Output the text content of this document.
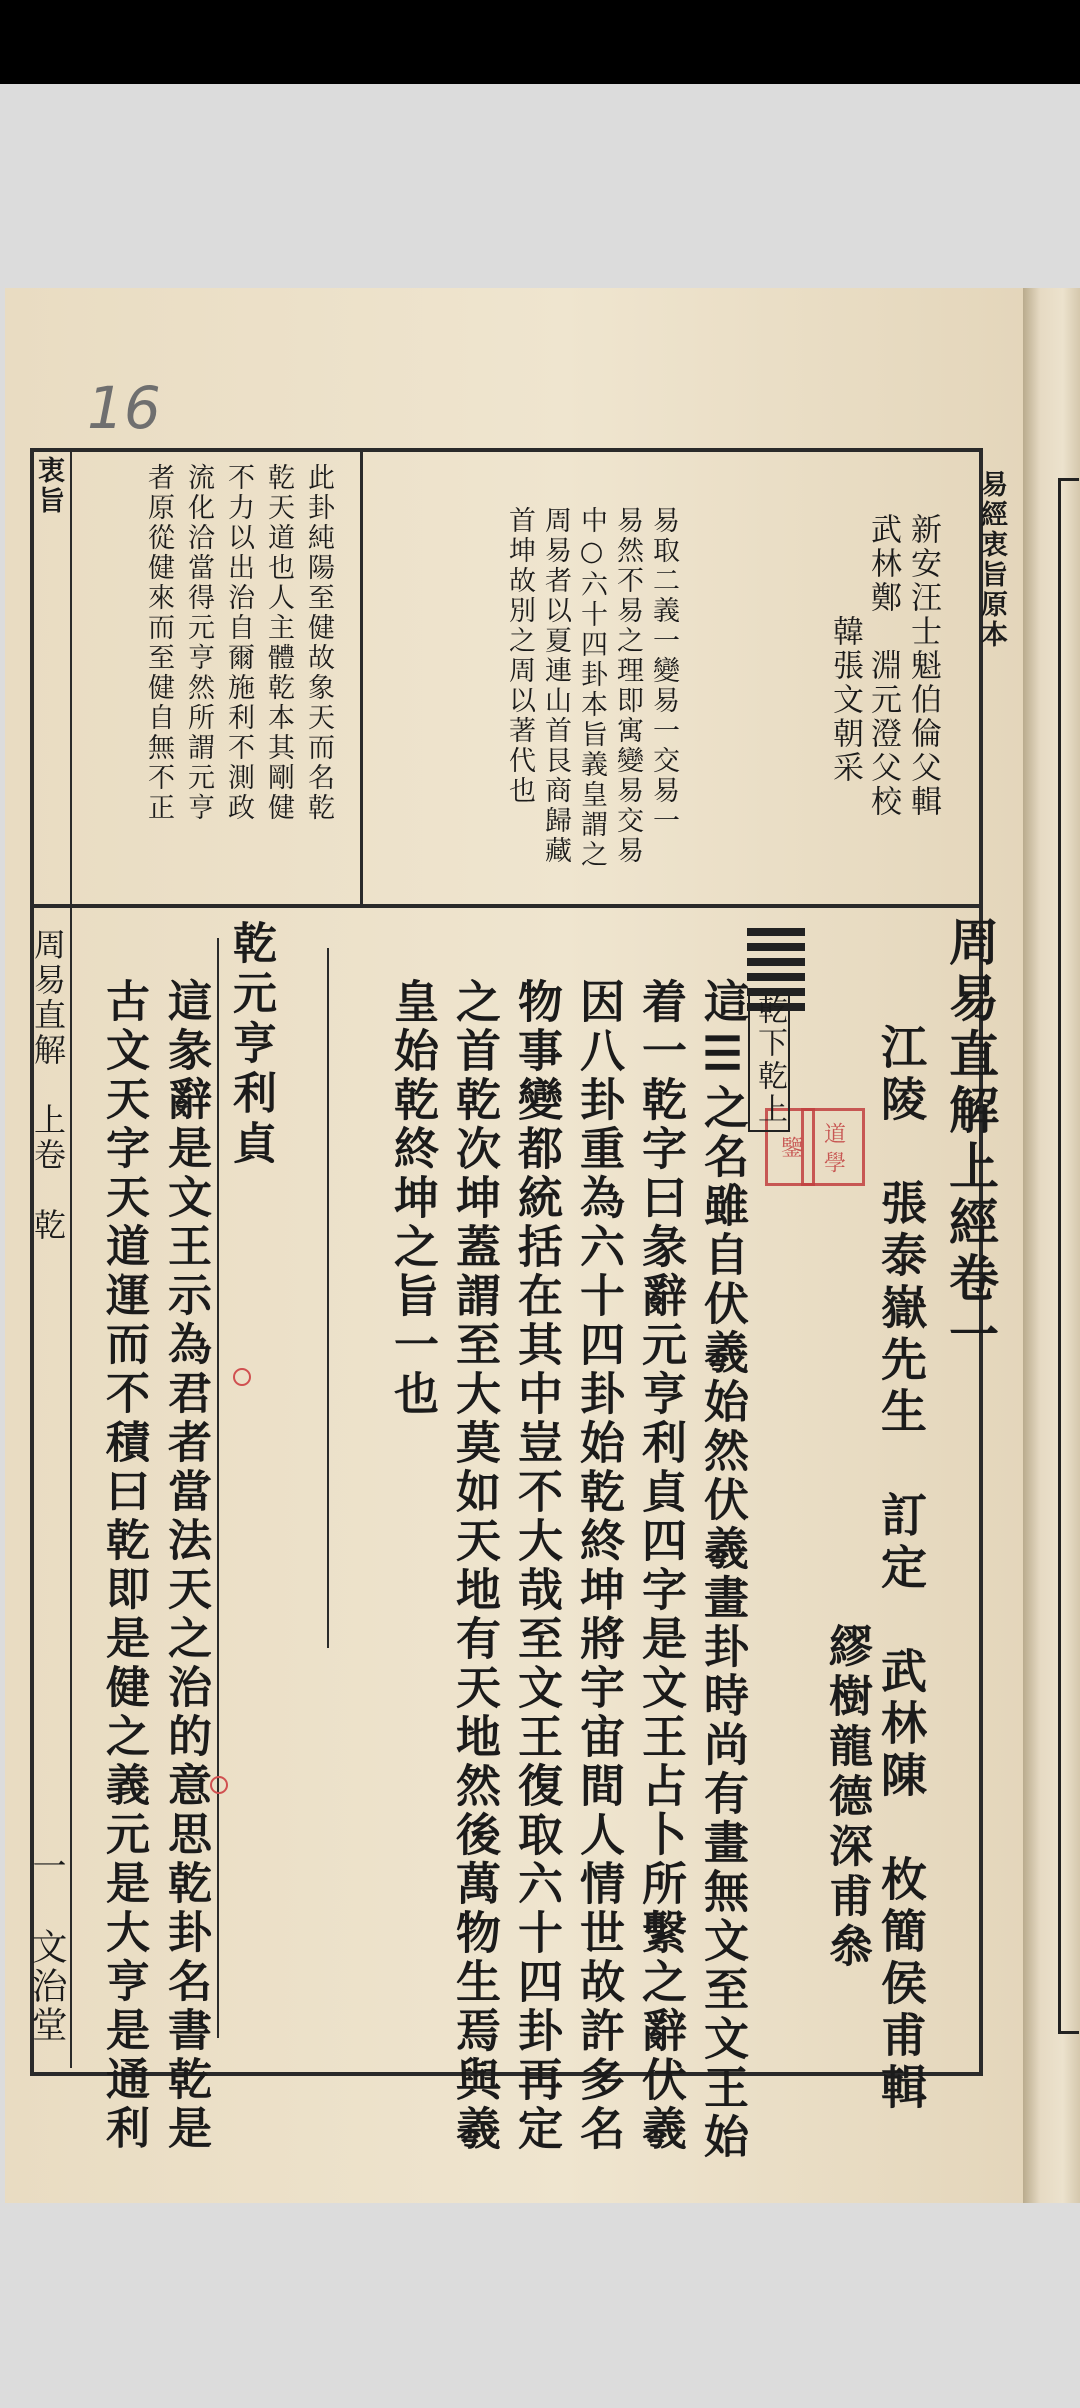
16
易經衷旨原本
新安汪士魁伯倫父輯
武林鄭　淵元澄父校
　　　韓張文朝采
易取二義一變易一交易一
易然不易之理即寓變易交易
中○六十四卦本旨義皇謂之
周易者以夏連山首艮商歸藏
首坤故別之周以著代也
此卦純陽至健故象天而名乾
乾天道也人主體乾本其剛健
不力以出治自爾施利不測政
流化洽當得元亨然所謂元亨
者原從健來而至健自無不正
衷旨
周易直解　上卷　乾	周易直解上經卷一
江陵　張泰嶽先生　訂定　武林陳　枚簡侯甫輯
繆樹龍德深甫叅
道 學
鑒
乾下乾上
這☰之名雖自伏羲始然伏羲畫卦時尚有畫無文至文王始
着一乾字曰彖辭元亨利貞四字是文王占卜所繫之辭伏羲
因八卦重為六十四卦始乾終坤將宇宙間人情世故許多名
物事變都統括在其中豈不大哉至文王復取六十四卦再定
之首乾次坤蓋謂至大莫如天地有天地然後萬物生焉與羲
皇始乾終坤之旨一也
乾元亨利貞
這彖辭是文王示為君者當法天之治的意思乾卦名書乾是
古文天字天道運而不積曰乾即是健之義元是大亨是通利
一
文治堂
